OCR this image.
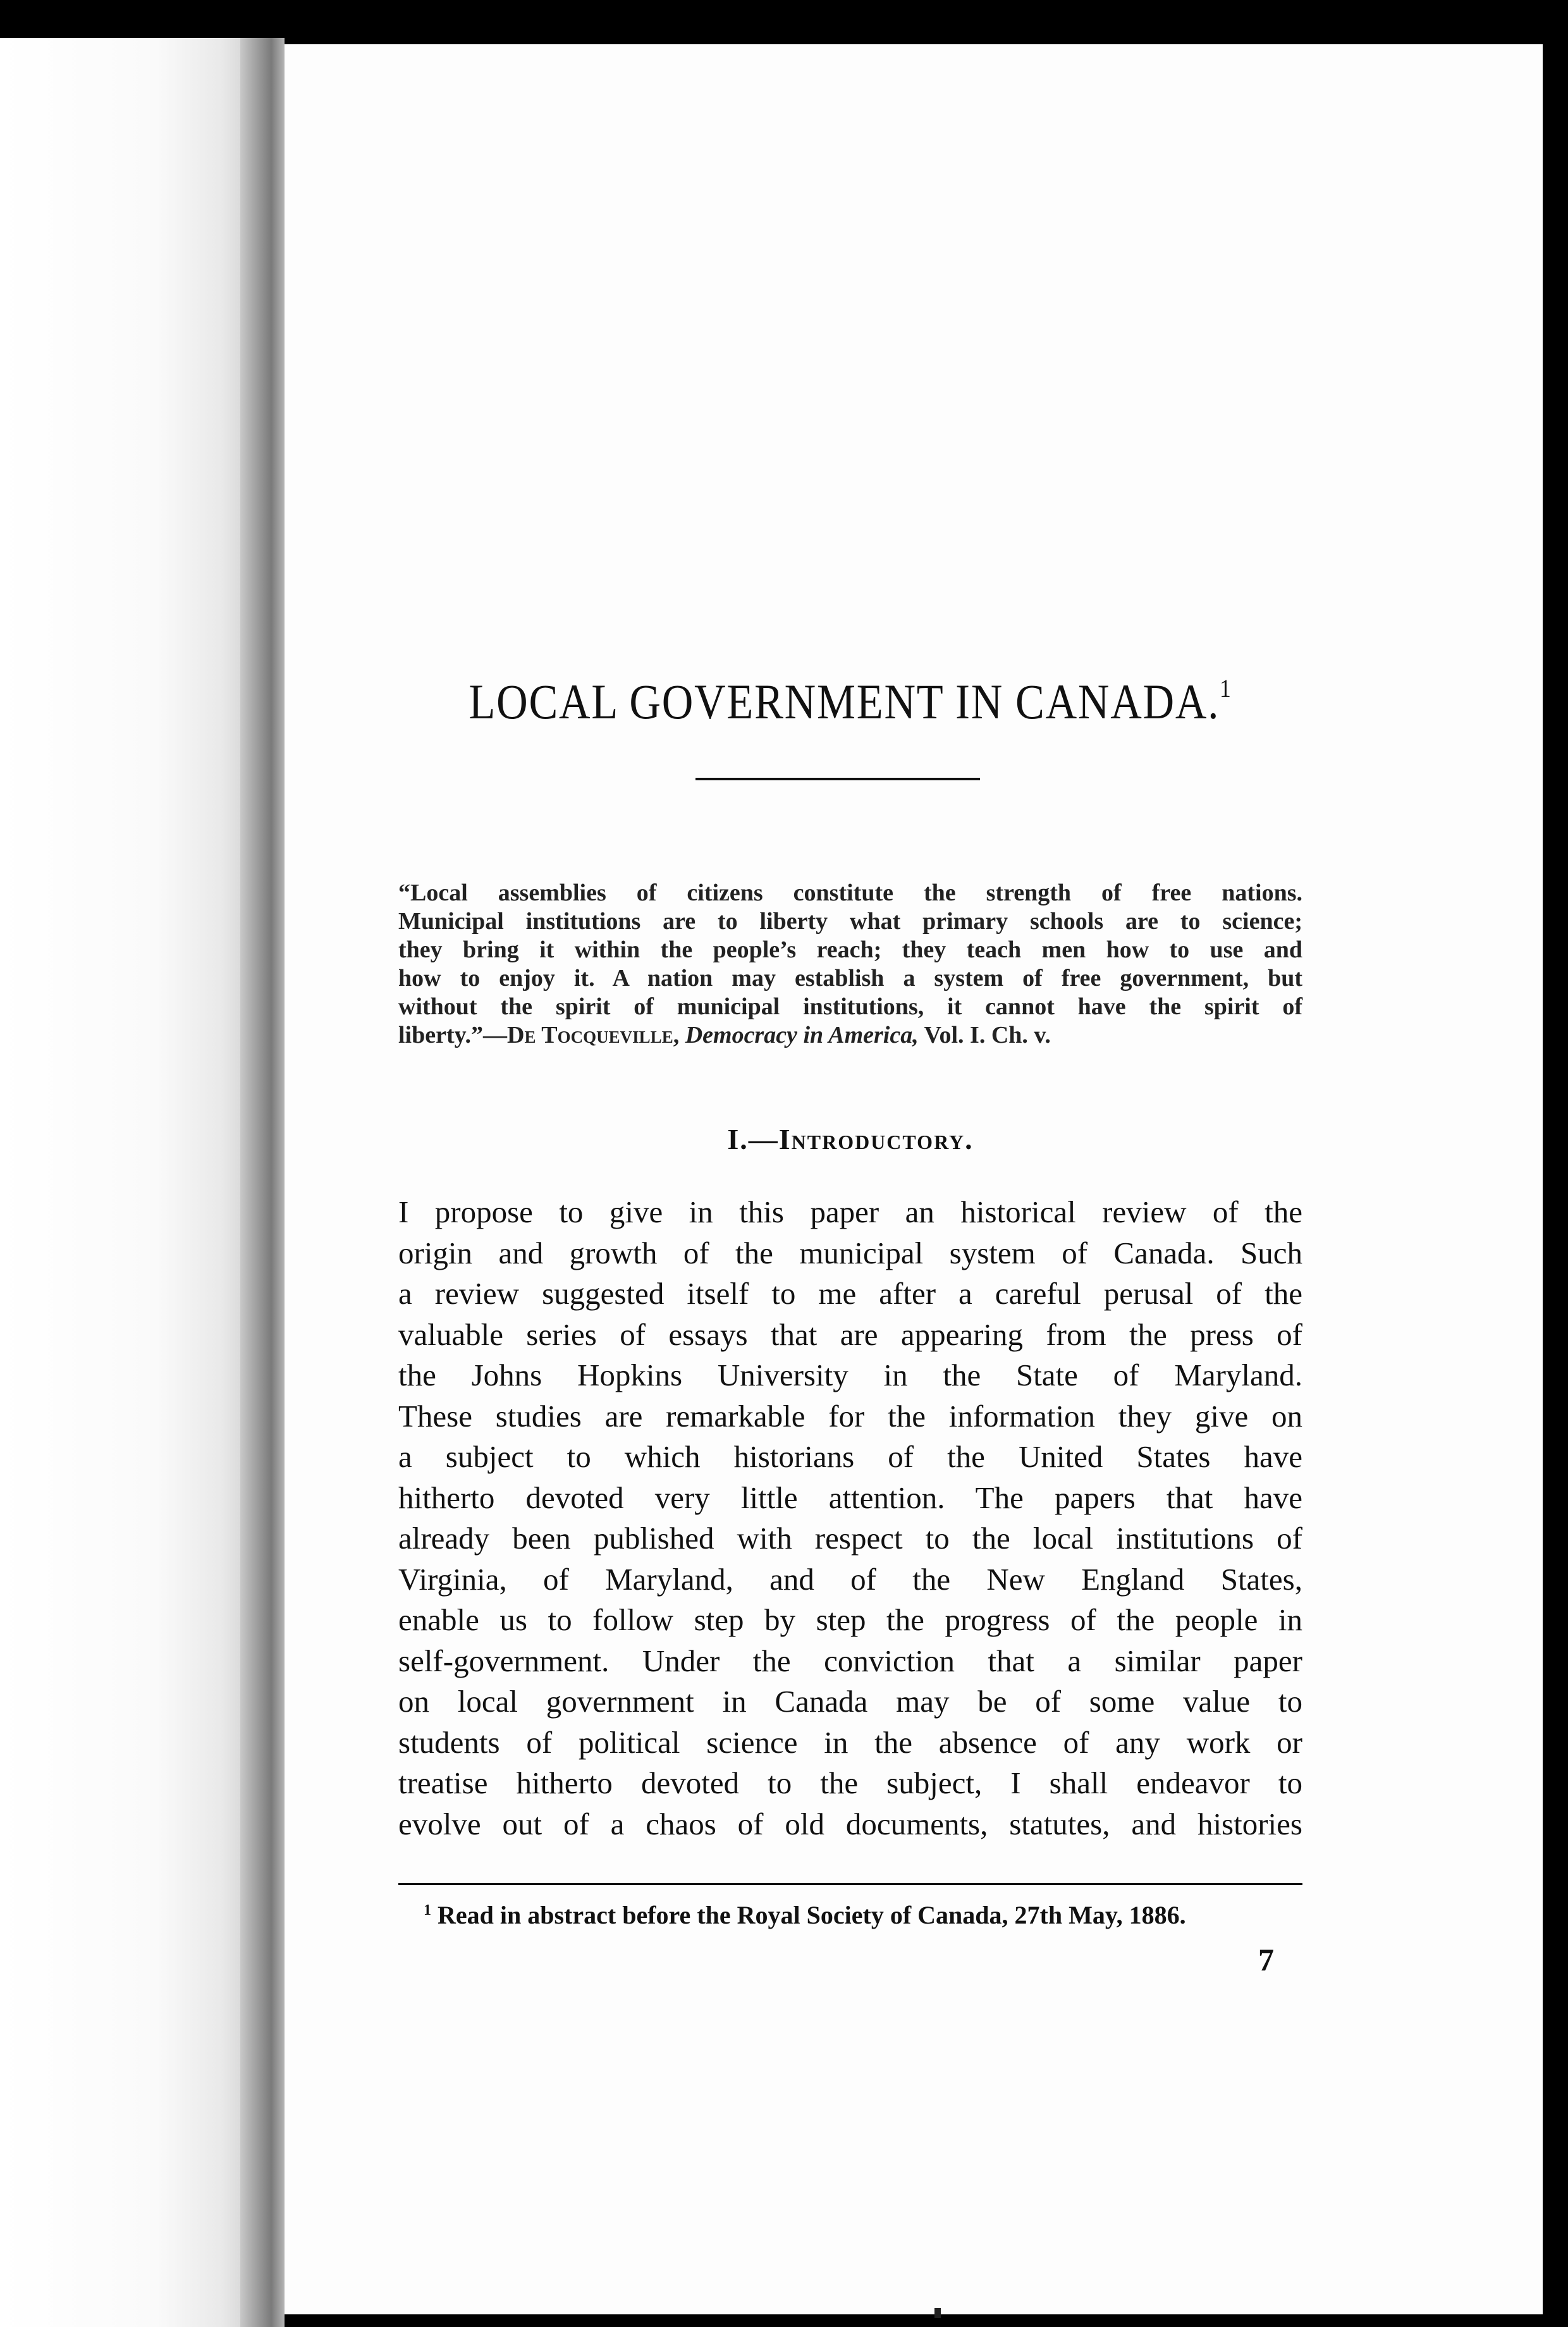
LOCAL GOVERNMENT IN CANADA.$^1$
“Local assemblies of citizens constitute the strength of free nations.
Municipal institutions are to liberty what primary schools are to science;
they bring it within the people’s reach; they teach men how to use and
how to enjoy it. A nation may establish a system of free government, but
without the spirit of municipal institutions, it cannot have the spirit of
liberty.”—De Tocqueville, Democracy in America, Vol. I. Ch. v.
I.—Introductory.
I propose to give in this paper an historical review of the
origin and growth of the municipal system of Canada. Such
a review suggested itself to me after a careful perusal of the
valuable series of essays that are appearing from the press of
the Johns Hopkins University in the State of Maryland.
These studies are remarkable for the information they give on
a subject to which historians of the United States have
hitherto devoted very little attention. The papers that have
already been published with respect to the local institutions of
Virginia, of Maryland, and of the New England States,
enable us to follow step by step the progress of the people in
self-government. Under the conviction that a similar paper
on local government in Canada may be of some value to
students of political science in the absence of any work or
treatise hitherto devoted to the subject, I shall endeavor to
evolve out of a chaos of old documents, statutes, and histories
$^1$ Read in abstract before the Royal Society of Canada, 27th May, 1886.
7
